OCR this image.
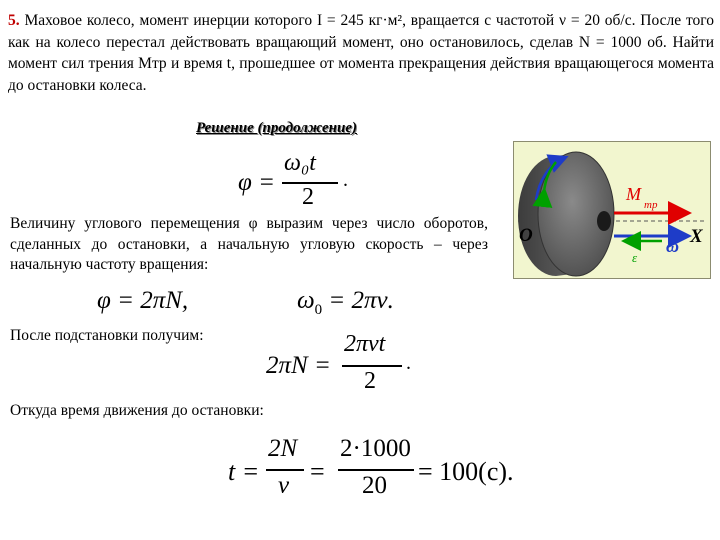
5. Маховое колесо, момент инерции которого I = 245 кг·м², вращается с частотой ν = 20 об/с. После того как на колесо перестал действовать вращающий момент, оно остановилось, сделав N = 1000 об. Найти момент сил трения Mтр и время t, прошедшее от момента прекращения действия вращающегося момента до остановки колеса.
Решение (продолжение)
φ =
ω₀t
2
.
Величину углового перемещения φ выразим через число оборотов, сделанных до остановки, а начальную угловую скорость – через начальную частоту вращения:
φ = 2πN,	$\omega_0 = 2\pi\nu$.
После подстановки получим:
2πN =
2πνt
2
.
Откуда время движения до остановки:
t =
2N
ν =
2·1000
20 = 100(c).
O	X
M
тр
ω
ε
